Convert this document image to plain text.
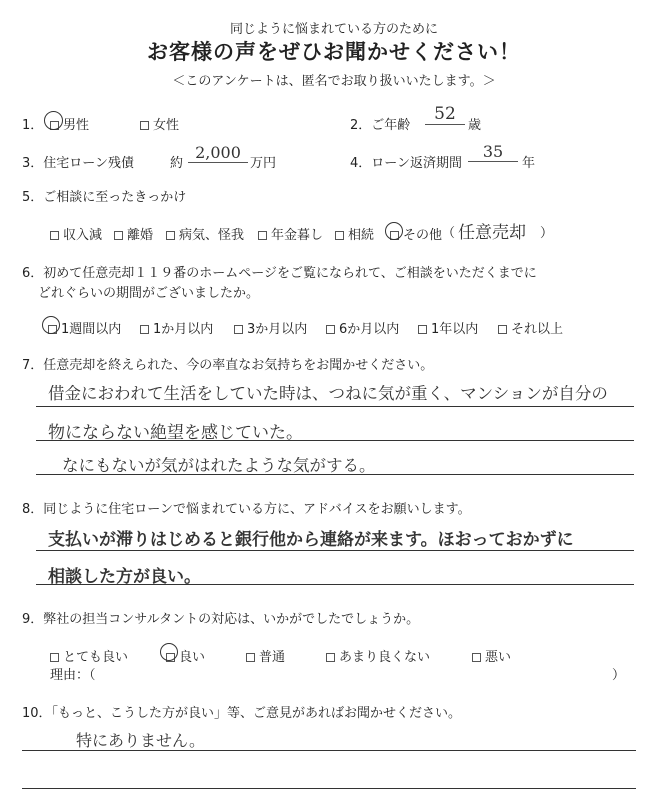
同じように悩まれている方のために
お客様の声をぜひお聞かせください！
＜このアンケートは、匿名でお取り扱いいたします。＞
1．	男性	女性	2．ご年齢
52
歳
3．住宅ローン残債	約
2,000
万円	4．ローン返済期間
35
年
5．ご相談に至ったきっかけ
収入減	離婚	病気、怪我	年金暮し	相続	その他 （ 任意売却 ）
6．初めて任意売却１１９番のホームページをご覧になられて、ご相談をいただくまでに
どれぐらいの期間がございましたか。
1週間以内	1か月以内	3か月以内	6か月以内	1年以内	それ以上
7．任意売却を終えられた、今の率直なお気持ちをお聞かせください。
借金におわれて生活をしていた時は、つねに気が重く、マンションが自分の
物にならない絶望を感じていた。
なにもないが気がはれたような気がする。
8．同じように住宅ローンで悩まれている方に、アドバイスをお願いします。
支払いが滞りはじめると銀行他から連絡が来ます。ほおっておかずに
相談した方が良い。
9．弊社の担当コンサルタントの対応は、いかがでしたでしょうか。
とても良い	良い	普通	あまり良くない	悪い
理由：（	）
10．「もっと、こうした方が良い」等、ご意見があればお聞かせください。
特にありません。
